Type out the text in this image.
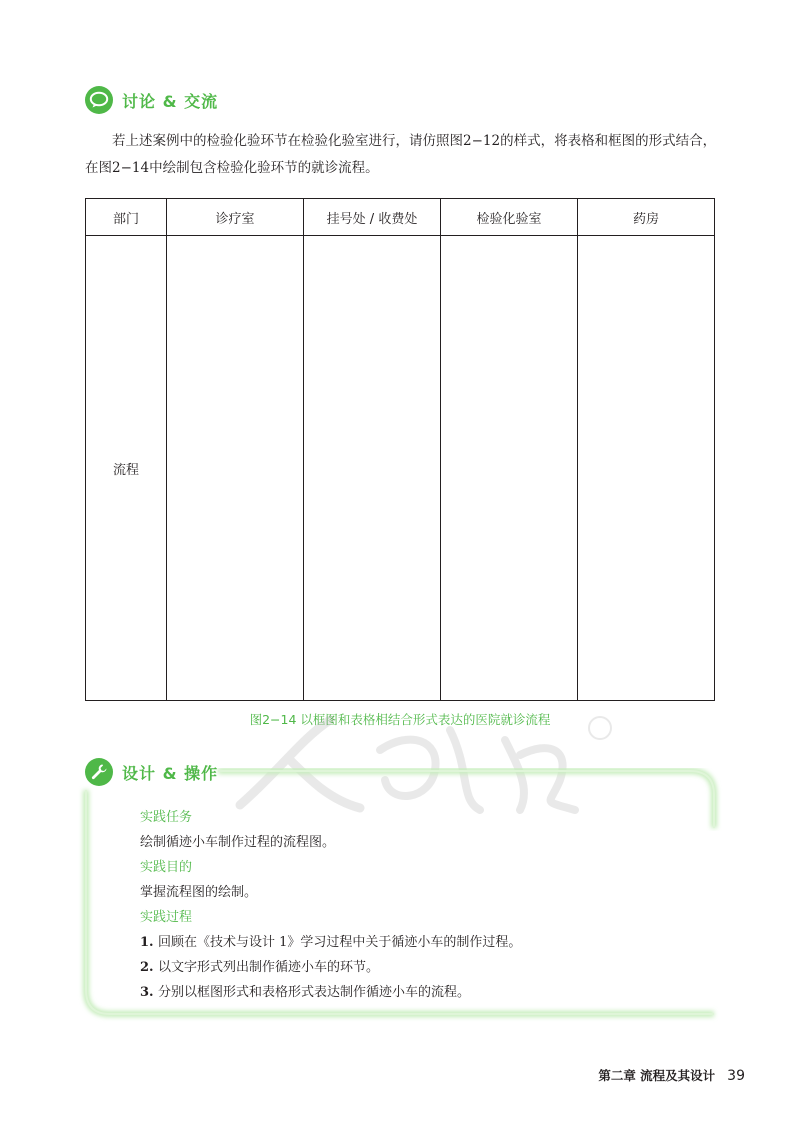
讨论 & 交流

若上述案例中的检验化验环节在检验化验室进行，请仿照图2−12的样式，将表格和框图的形式结合，在图2−14中绘制包含检验化验环节的就诊流程。

部门	诊疗室	挂号处 / 收费处	检验化验室	药房
流程				
图2−14 以框图和表格相结合形式表达的医院就诊流程
设计 & 操作
实践任务
绘制循迹小车制作过程的流程图。
实践目的
掌握流程图的绘制。
实践过程
1. 回顾在《技术与设计 1》学习过程中关于循迹小车的制作过程。
2. 以文字形式列出制作循迹小车的环节。
3. 分别以框图形式和表格形式表达制作循迹小车的流程。
第二章 流程及其设计 39
